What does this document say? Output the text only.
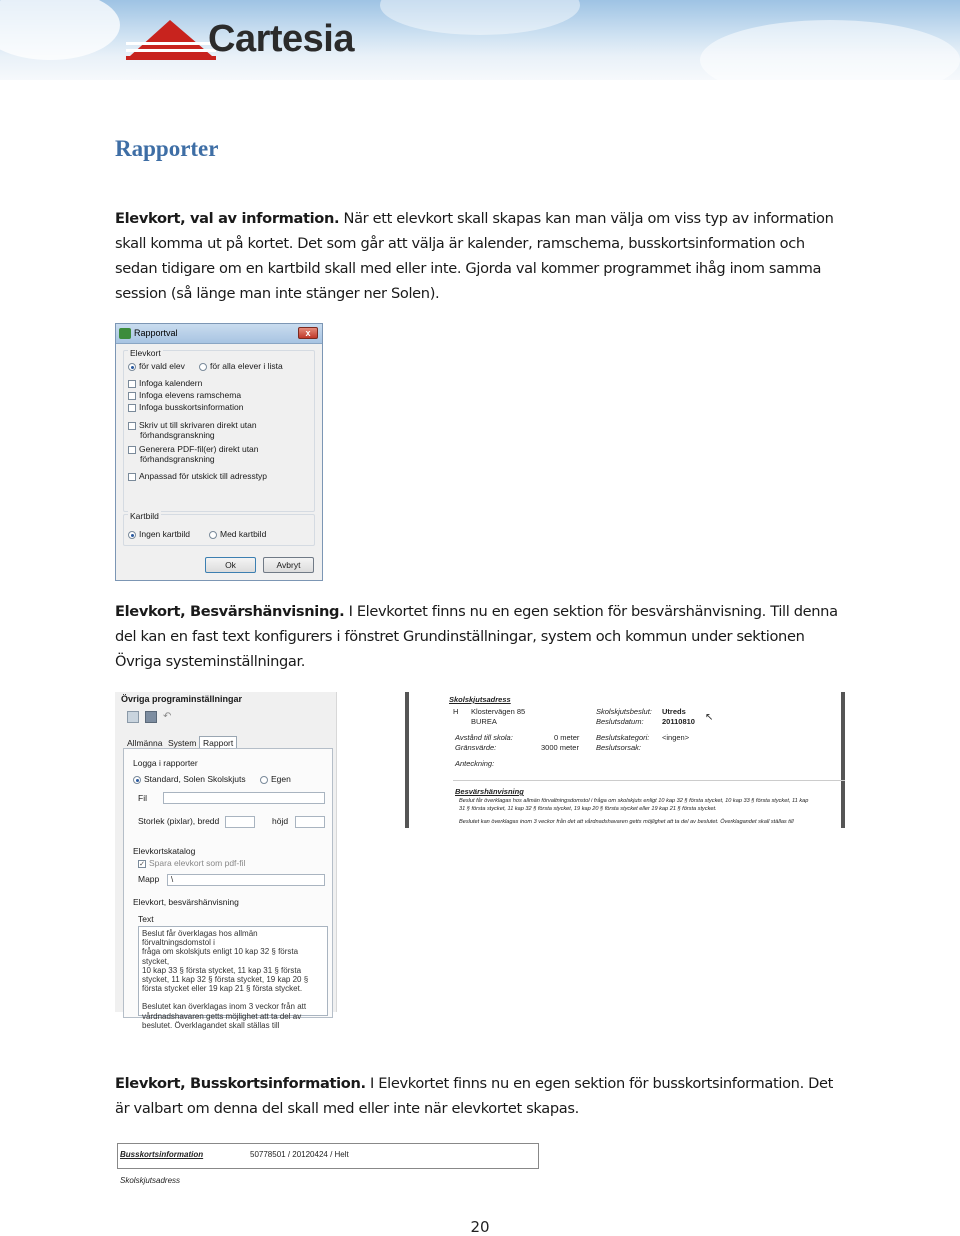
Cartesia
Rapporter
Elevkort, val av information. När ett elevkort skall skapas kan man välja om viss typ av information skall komma ut på kortet. Det som går att välja är kalender, ramschema, busskortsinformation och sedan tidigare om en kartbild skall med eller inte. Gjorda val kommer programmet ihåg inom samma session (så länge man inte stänger ner Solen).
Rapportval	x
Elevkort
för vald elev	för alla elever i lista
Infoga kalendern
Infoga elevens ramschema
Infoga busskortsinformation
Skriv ut till skrivaren direkt utan
förhandsgranskning
Generera PDF-fil(er) direkt utan
förhandsgranskning
Anpassad för utskick till adresstyp
Kartbild
Ingen kartbild	Med kartbild
Ok	Avbryt
Elevkort, Besvärshänvisning. I Elevkortet finns nu en egen sektion för besvärshänvisning. Till denna del kan en fast text konfigurers i fönstret Grundinställningar, system och kommun under sektionen Övriga systeminställningar.
Övriga programinställningar
↶
Allmänna System Rapport
Logga i rapporter
Standard, Solen Skolskjuts	Egen
Fil
Storlek (pixlar), bredd	höjd
Elevkortskatalog
✓Spara elevkort som pdf-fil
Mapp	\
Elevkort, besvärshänvisning
Text
Beslut får överklagas hos allmän förvaltningsdomstol i
fråga om skolskjuts enligt 10 kap 32 § första stycket,
10 kap 33 § första stycket, 11 kap 31 § första
stycket, 11 kap 32 § första stycket, 19 kap 20 §
första stycket eller 19 kap 21 § första stycket.
Beslutet kan överklagas inom 3 veckor från att
vårdnadshavaren getts möjlighet att ta del av
beslutet. Överklagandet skall ställas till
Skolskjutsadress
H Klostervägen 85
BUREA
Skolskjutsbeslut: Utreds
Beslutsdatum: 20110810 ↖
Avstånd till skola:	0 meter Beslutskategori: <ingen>
Gränsvärde:	3000 meter Beslutsorsak:
Anteckning:
Besvärshänvisning
Beslut får överklagas hos allmän förvaltningsdomstol i fråga om skolskjuts enligt 10 kap 32 § första stycket, 10 kap 33 § första stycket, 11 kap
31 § första stycket, 11 kap 32 § första stycket, 19 kap 20 § första stycket eller 19 kap 21 § första stycket.
Beslutet kan överklagas inom 3 veckor från det att vårdnadshavaren getts möjlighet att ta del av beslutet. Överklagandet skall ställas till
Elevkort, Busskortsinformation. I Elevkortet finns nu en egen sektion för busskortsinformation. Det är valbart om denna del skall med eller inte när elevkortet skapas.
Busskortsinformation	50778501 / 20120424 / Helt
Skolskjutsadress
20
